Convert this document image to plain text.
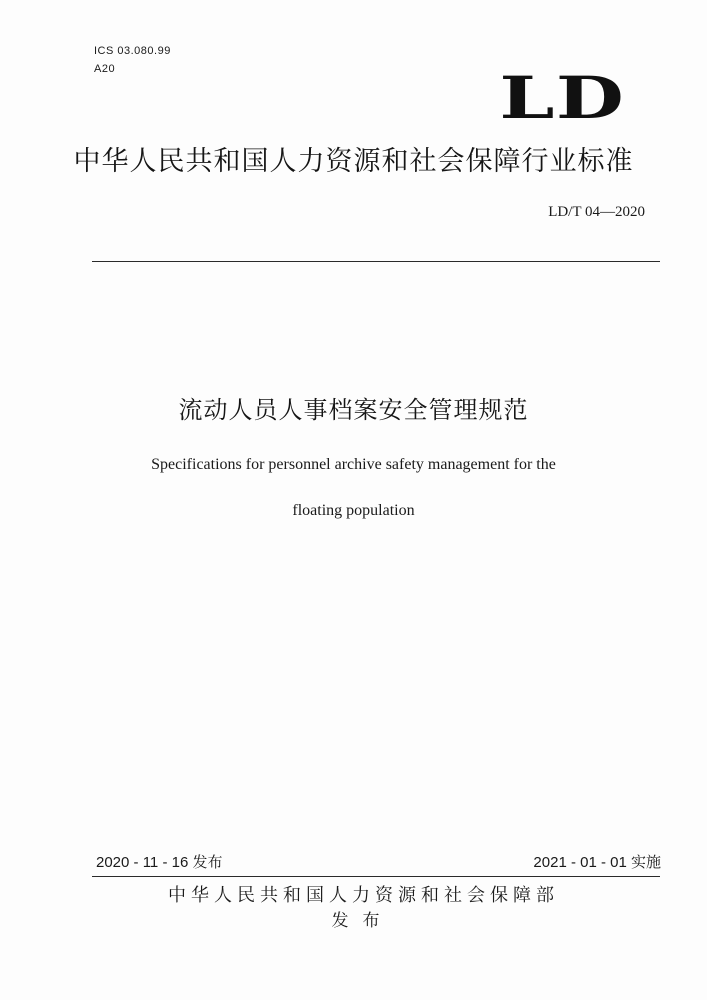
ICS 03.080.99
A20	LD
中华人民共和国人力资源和社会保障行业标准
LD/T 04—2020
流动人员人事档案安全管理规范
Specifications for personnel archive safety management for the
floating population
2020 - 11 - 16 发布	2021 - 01 - 01 实施
中华人民共和国人力资源和社会保障部
发布
